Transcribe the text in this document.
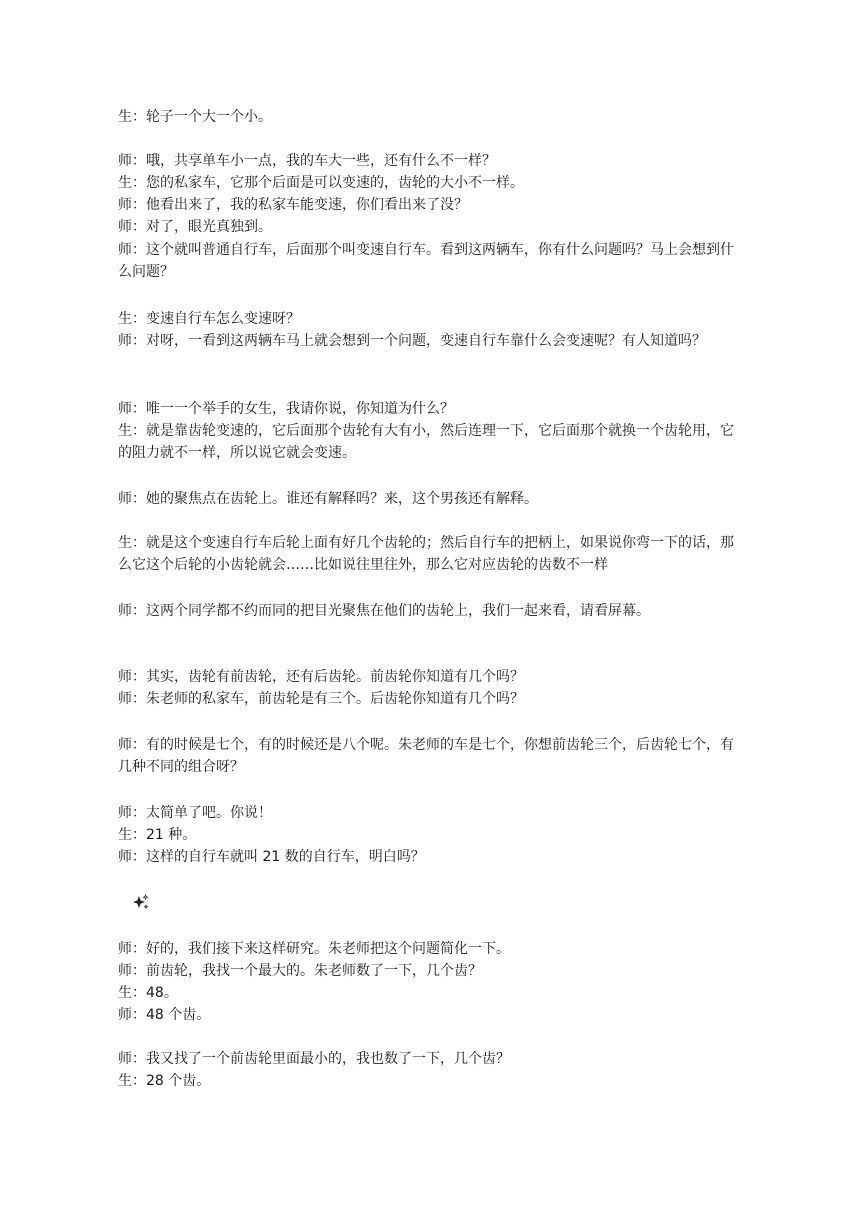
生：轮子一个大一个小。
师：哦，共享单车小一点，我的车大一些，还有什么不一样？
生：您的私家车，它那个后面是可以变速的，齿轮的大小不一样。
师：他看出来了，我的私家车能变速，你们看出来了没？
师：对了，眼光真独到。
师：这个就叫普通自行车，后面那个叫变速自行车。看到这两辆车，你有什么问题吗？马上会想到什么问题？
生：变速自行车怎么变速呀？
师：对呀，一看到这两辆车马上就会想到一个问题，变速自行车靠什么会变速呢？有人知道吗？
师：唯一一个举手的女生，我请你说，你知道为什么？
生：就是靠齿轮变速的，它后面那个齿轮有大有小，然后连理一下，它后面那个就换一个齿轮用，它的阻力就不一样，所以说它就会变速。
师：她的聚焦点在齿轮上。谁还有解释吗？来，这个男孩还有解释。
生：就是这个变速自行车后轮上面有好几个齿轮的；然后自行车的把柄上，如果说你弯一下的话，那么它这个后轮的小齿轮就会……比如说往里往外，那么它对应齿轮的齿数不一样
师：这两个同学都不约而同的把目光聚焦在他们的齿轮上，我们一起来看，请看屏幕。
师：其实，齿轮有前齿轮，还有后齿轮。前齿轮你知道有几个吗？
师：朱老师的私家车，前齿轮是有三个。后齿轮你知道有几个吗？
师：有的时候是七个，有的时候还是八个呢。朱老师的车是七个，你想前齿轮三个，后齿轮七个，有几种不同的组合呀？
师：太简单了吧。你说！
生：21 种。
师：这样的自行车就叫 21 数的自行车，明白吗？
师：好的，我们接下来这样研究。朱老师把这个问题简化一下。
师：前齿轮，我找一个最大的。朱老师数了一下，几个齿？
生：48。
师：48 个齿。
师：我又找了一个前齿轮里面最小的，我也数了一下，几个齿？
生：28 个齿。
